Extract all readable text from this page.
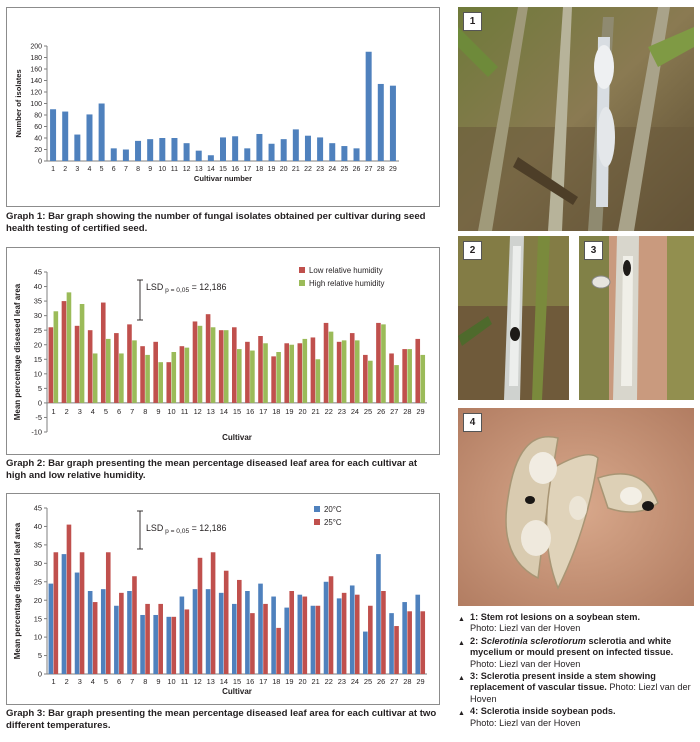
0
20
40
60
80
100
120
140
160
180
200
1 2 3 4 5 6 7 8 9 10 11 12 13 14 15 16 17 18 19 20 21 22 23 24 25 26 27 28 29
Cultivar number
Number of isolates
Graph 1: Bar graph showing the number of fungal isolates obtained per cultivar during seed health testing of certified seed.
-10
-5
0
5
10
15
20
25
30
35
40
45
1 2 3 4 5 6 7 8 9 10 11 12 13 14 15 16 17 18 19 20 21 22 23 24 25 26 27 28 29
Cultivar
Mean percentage diseased leaf area
Low relative humidity
High relative humidity
LSD $_{p = 0,05}$ = 12,186
Graph 2: Bar graph presenting the mean percentage diseased leaf area for each cultivar at high and low relative humidity.
0
5
10
15
20
25
30
35
40
45
1 2 3 4 5 6 7 8 9 10 11 12 13 14 15 16 17 18 19 20 21 22 23 24 25 26 27 28 29
Cultivar
Mean percentage diseased leaf area
20°C
25°C
LSD $_{p = 0,05}$ = 12,186
Graph 3: Bar graph presenting the mean percentage diseased leaf area for each cultivar at two different temperatures.
1
2	3
4
▲ 1: Stem rot lesions on a soybean stem.
Photo: Liezl van der Hoven
▲ 2: Sclerotinia sclerotiorum sclerotia and white mycelium or mould present on infected tissue.
Photo: Liezl van der Hoven
▲ 3: Sclerotia present inside a stem showing replacement of vascular tissue. Photo: Liezl van der Hoven
▲ 4: Sclerotia inside soybean pods.
Photo: Liezl van der Hoven
